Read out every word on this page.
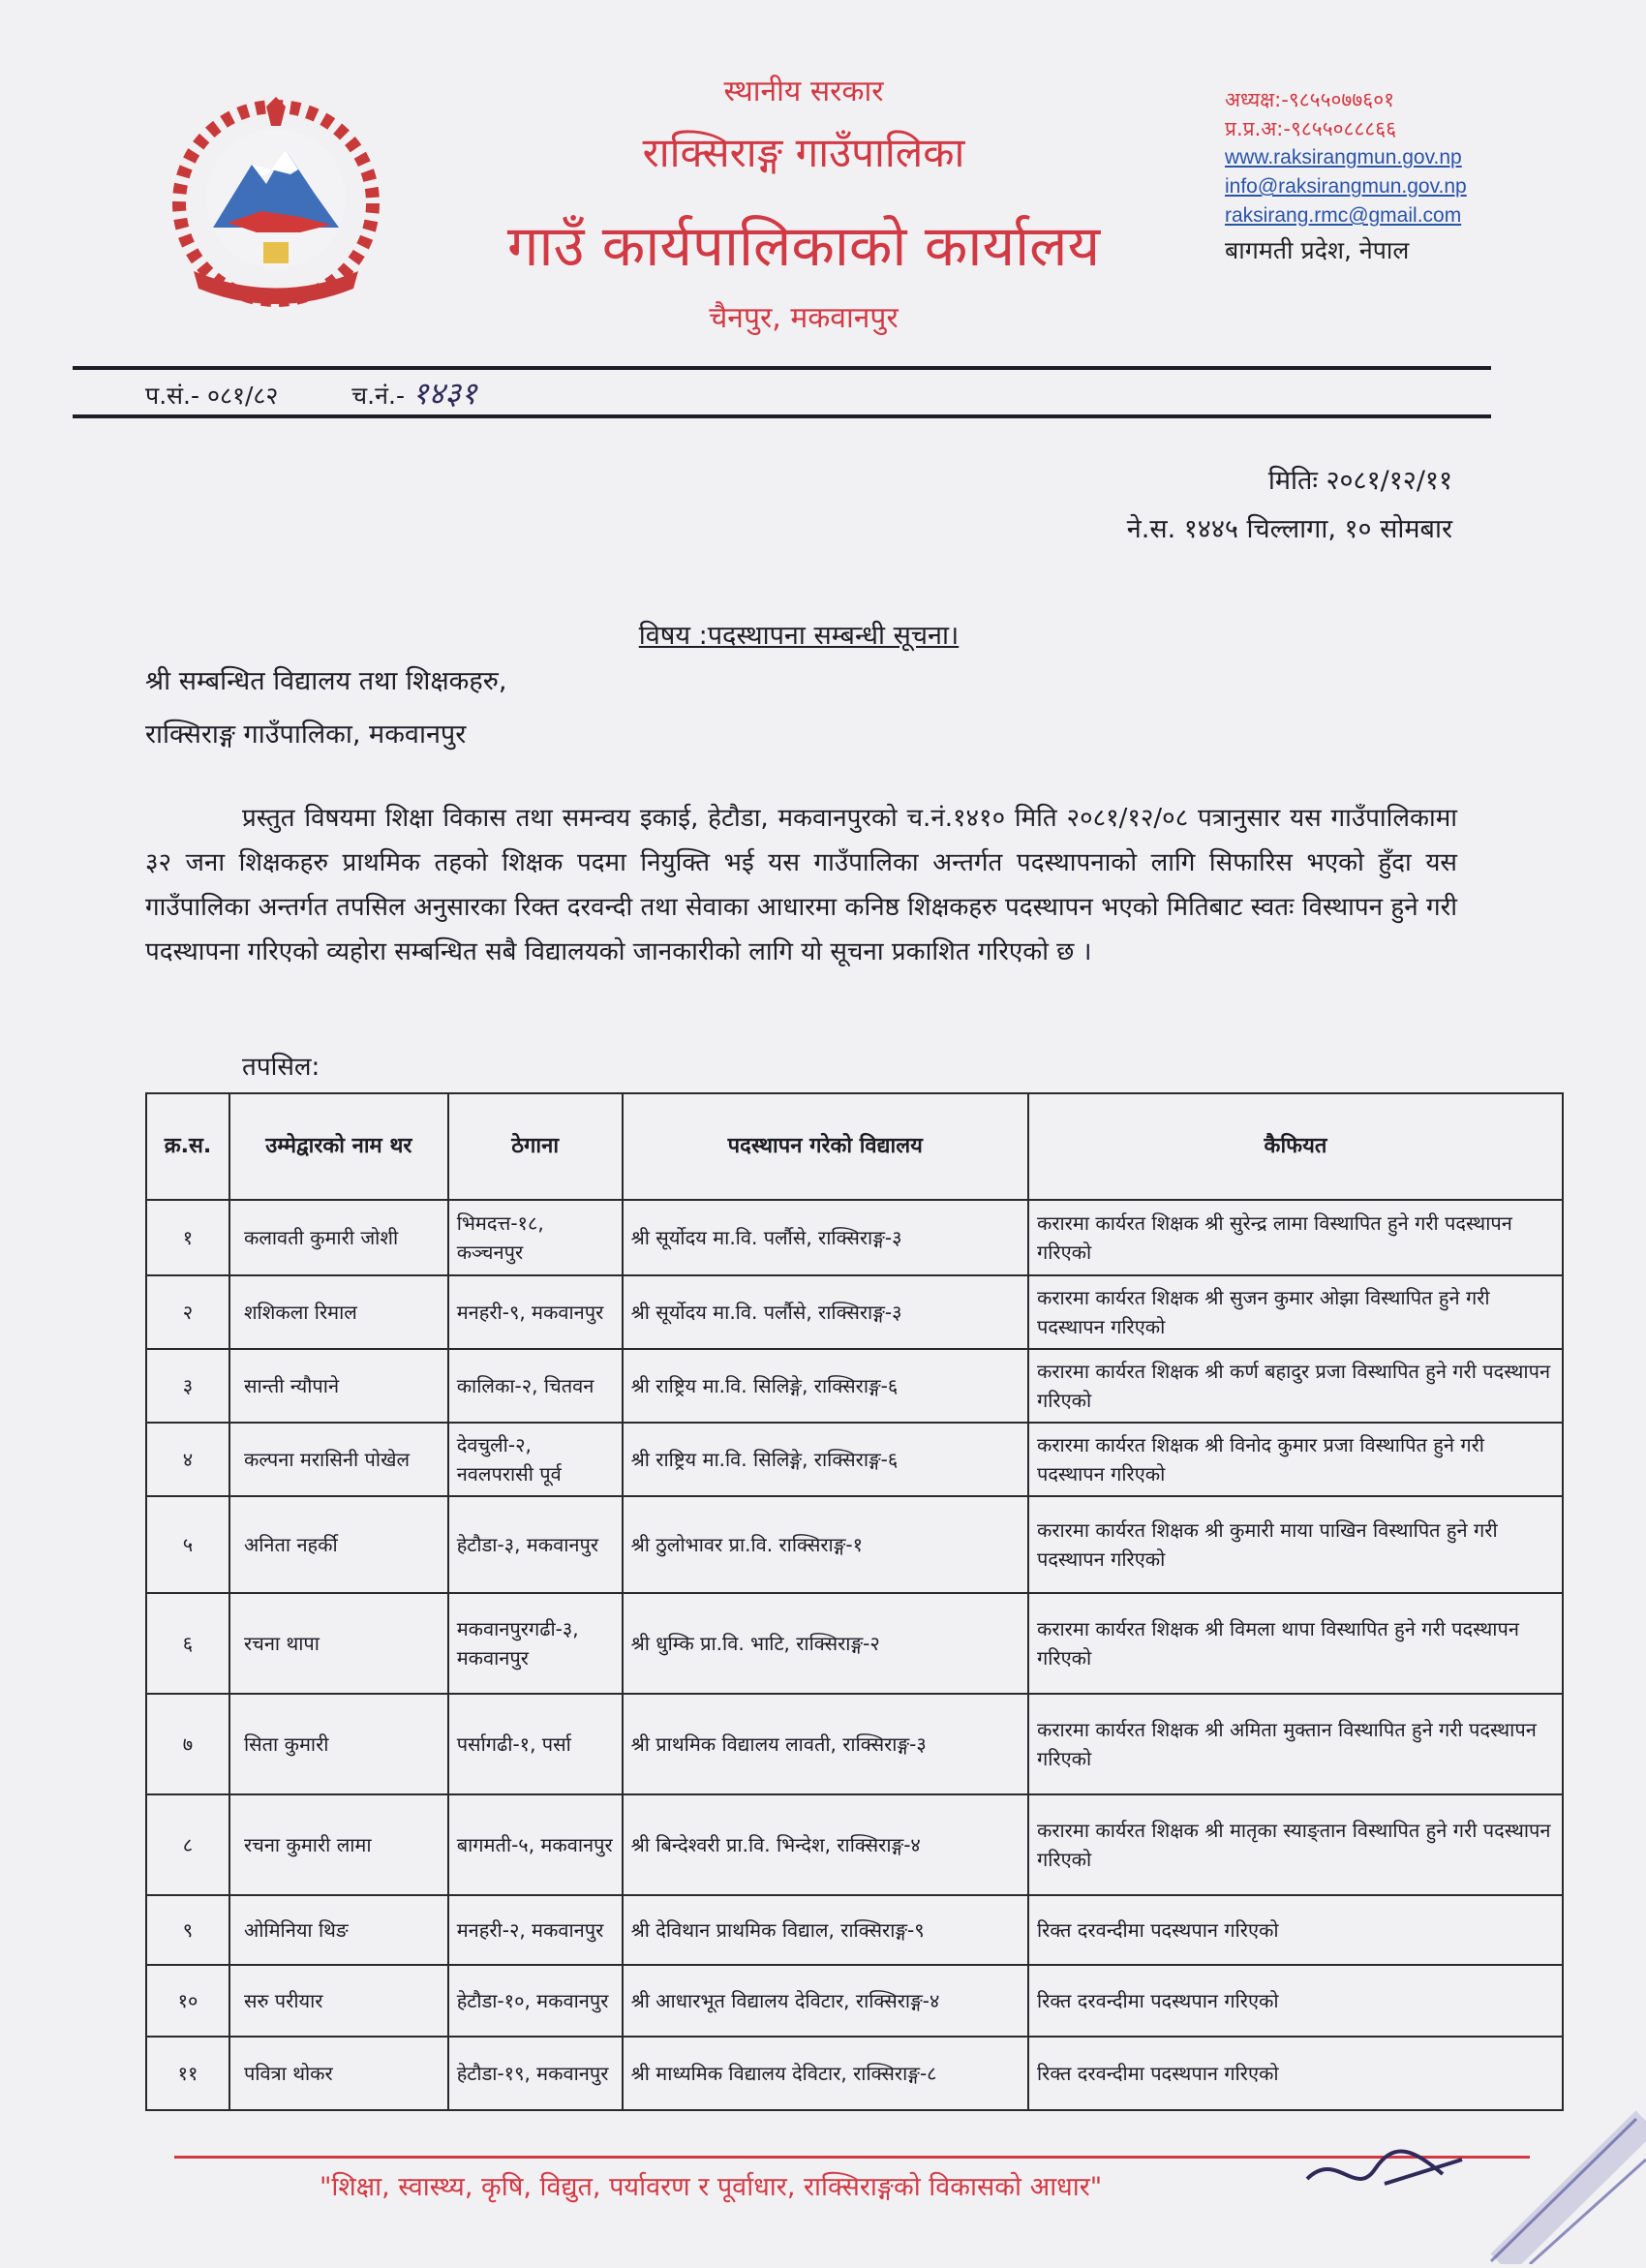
स्थानीय सरकार
राक्सिराङ्ग गाउँपालिका
गाउँ कार्यपालिकाको कार्यालय
चैनपुर, मकवानपुर
अध्यक्ष:-९८५५०७७६०१
प्र.प्र.अ:-९८५५०८८८६६
www.raksirangmun.gov.np
info@raksirangmun.gov.np
raksirang.rmc@gmail.com
बागमती प्रदेश, नेपाल
प.सं.- ०८१/८२	च.नं.- १४३१
मितिः २०८१/१२/११
ने.स. १४४५ चिल्लागा, १० सोमबार
विषय :पदस्थापना सम्बन्धी सूचना।
श्री सम्बन्धित विद्यालय तथा शिक्षकहरु,
राक्सिराङ्ग गाउँपालिका, मकवानपुर

प्रस्तुत विषयमा शिक्षा विकास तथा समन्वय इकाई, हेटौडा, मकवानपुरको च.नं.१४१० मिति २०८१/१२/०८ पत्रानुसार यस गाउँपालिकामा ३२ जना शिक्षकहरु प्राथमिक तहको शिक्षक पदमा नियुक्ति भई यस गाउँपालिका अन्तर्गत पदस्थापनाको लागि सिफारिस भएको हुँदा यस गाउँपालिका अन्तर्गत तपसिल अनुसारका रिक्त दरवन्दी तथा सेवाका आधारमा कनिष्ठ शिक्षकहरु पदस्थापन भएको मितिबाट स्वतः विस्थापन हुने गरी पदस्थापना गरिएको व्यहोरा सम्बन्धित सबै विद्यालयको जानकारीको लागि यो सूचना प्रकाशित गरिएको छ ।

तपसिल:
क्र.स.	उम्मेद्वारको नाम थर	ठेगाना	पदस्थापन गरेको विद्यालय	कैफियत
१	कलावती कुमारी जोशी	भिमदत्त-१८, कञ्चनपुर	श्री सूर्योदय मा.वि. पर्लौसे, राक्सिराङ्ग-३	करारमा कार्यरत शिक्षक श्री सुरेन्द्र लामा विस्थापित हुने गरी पदस्थापन गरिएको
२	शशिकला रिमाल	मनहरी-९, मकवानपुर	श्री सूर्योदय मा.वि. पर्लौसे, राक्सिराङ्ग-३	करारमा कार्यरत शिक्षक श्री सुजन कुमार ओझा विस्थापित हुने गरी पदस्थापन गरिएको
३	सान्ती न्यौपाने	कालिका-२, चितवन	श्री राष्ट्रिय मा.वि. सिलिङ्गे, राक्सिराङ्ग-६	करारमा कार्यरत शिक्षक श्री कर्ण बहादुर प्रजा विस्थापित हुने गरी पदस्थापन गरिएको
४	कल्पना मरासिनी पोखेल	देवचुली-२, नवलपरासी पूर्व	श्री राष्ट्रिय मा.वि. सिलिङ्गे, राक्सिराङ्ग-६	करारमा कार्यरत शिक्षक श्री विनोद कुमार प्रजा विस्थापित हुने गरी पदस्थापन गरिएको
५	अनिता नहर्की	हेटौडा-३, मकवानपुर	श्री ठुलोभावर प्रा.वि. राक्सिराङ्ग-१	करारमा कार्यरत शिक्षक श्री कुमारी माया पाखिन विस्थापित हुने गरी पदस्थापन गरिएको
६	रचना थापा	मकवानपुरगढी-३, मकवानपुर	श्री धुम्कि प्रा.वि. भाटि, राक्सिराङ्ग-२	करारमा कार्यरत शिक्षक श्री विमला थापा विस्थापित हुने गरी पदस्थापन गरिएको
७	सिता कुमारी	पर्सागढी-१, पर्सा	श्री प्राथमिक विद्यालय लावती, राक्सिराङ्ग-३	करारमा कार्यरत शिक्षक श्री अमिता मुक्तान विस्थापित हुने गरी पदस्थापन गरिएको
८	रचना कुमारी लामा	बागमती-५, मकवानपुर	श्री बिन्देश्वरी प्रा.वि. भिन्देश, राक्सिराङ्ग-४	करारमा कार्यरत शिक्षक श्री मातृका स्याङ्तान विस्थापित हुने गरी पदस्थापन गरिएको
९	ओमिनिया थिङ	मनहरी-२, मकवानपुर	श्री देविथान प्राथमिक विद्याल, राक्सिराङ्ग-९	रिक्त दरवन्दीमा पदस्थपान गरिएको
१०	सरु परीयार	हेटौडा-१०, मकवानपुर	श्री आधारभूत विद्यालय देविटार, राक्सिराङ्ग-४	रिक्त दरवन्दीमा पदस्थपान गरिएको
११	पवित्रा थोकर	हेटौडा-१९, मकवानपुर	श्री माध्यमिक विद्यालय देविटार, राक्सिराङ्ग-८	रिक्त दरवन्दीमा पदस्थपान गरिएको
"शिक्षा, स्वास्थ्य, कृषि, विद्युत, पर्यावरण र पूर्वाधार, राक्सिराङ्गको विकासको आधार"
